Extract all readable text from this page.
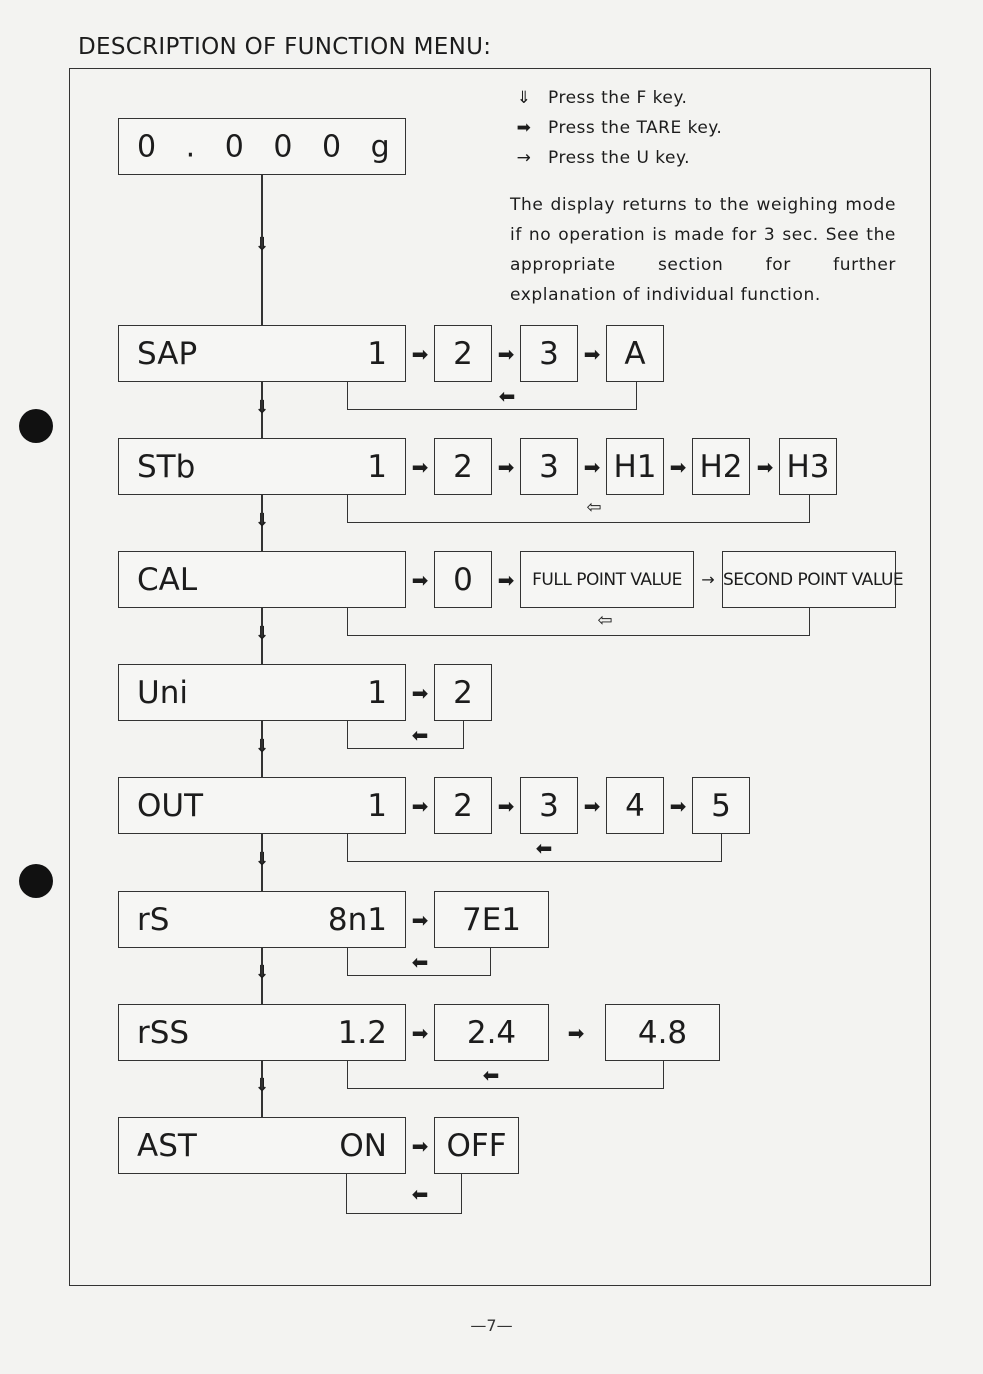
DESCRIPTION OF FUNCTION MENU:
⇓ Press the F key.
➡ Press the TARE key.
→ Press the U key.
The display returns to the weighing mode if no operation is made for 3 sec. See the appropriate section for further explanation of individual function.
0 . 0 0 0 g
⇓
⇓
⇓
⇓
⇓
⇓
⇓
⇓
SAP	1	2	3	A
➡	➡	➡
⬅
STb	1	2	3	H1 H2 H3
➡	➡	➡	➡	➡
⇦
CAL	0	FULL POINT VALUE	SECOND POINT VALUE
➡	➡	→
⇦
Uni	1	2
➡
⬅
OUT	1	2	3	4	5
➡	➡	➡	➡
⬅
rS	8n1	7E1
➡
⬅
rSS	1.2	2.4	4.8
➡	➡
⬅
AST	ON	OFF
➡
⬅
—7—
